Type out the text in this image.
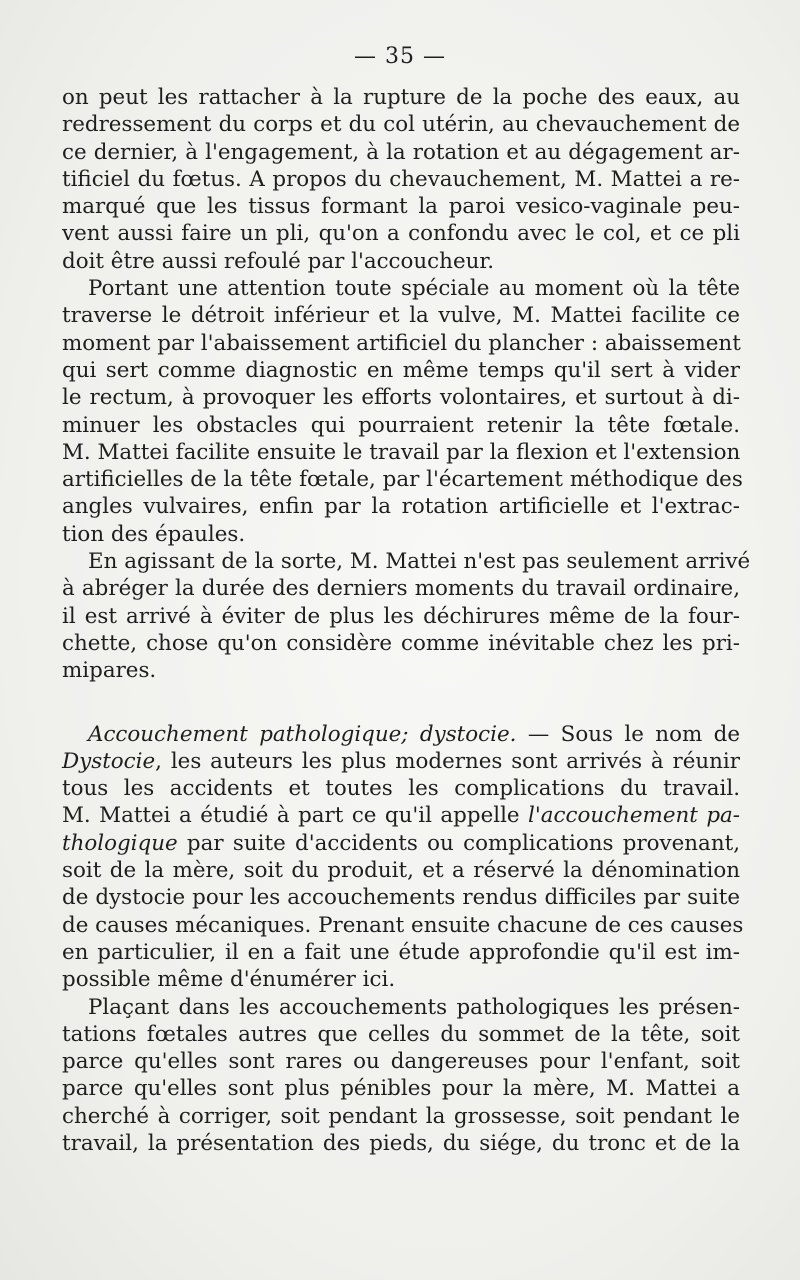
— 35 —
on peut les rattacher à la rupture de la poche des eaux, au
redressement du corps et du col utérin, au chevauchement de
ce dernier, à l'engagement, à la rotation et au dégagement ar-
tificiel du fœtus. A propos du chevauchement, M. Mattei a re-
marqué que les tissus formant la paroi vesico-vaginale peu-
vent aussi faire un pli, qu'on a confondu avec le col, et ce pli
doit être aussi refoulé par l'accoucheur.
Portant une attention toute spéciale au moment où la tête
traverse le détroit inférieur et la vulve, M. Mattei facilite ce
moment par l'abaissement artificiel du plancher : abaissement
qui sert comme diagnostic en même temps qu'il sert à vider
le rectum, à provoquer les efforts volontaires, et surtout à di-
minuer les obstacles qui pourraient retenir la tête fœtale.
M. Mattei facilite ensuite le travail par la flexion et l'extension
artificielles de la tête fœtale, par l'écartement méthodique des
angles vulvaires, enfin par la rotation artificielle et l'extrac-
tion des épaules.
En agissant de la sorte, M. Mattei n'est pas seulement arrivé
à abréger la durée des derniers moments du travail ordinaire,
il est arrivé à éviter de plus les déchirures même de la four-
chette, chose qu'on considère comme inévitable chez les pri-
mipares.
Accouchement pathologique; dystocie. — Sous le nom de
Dystocie, les auteurs les plus modernes sont arrivés à réunir
tous les accidents et toutes les complications du travail.
M. Mattei a étudié à part ce qu'il appelle l'accouchement pa-
thologique par suite d'accidents ou complications provenant,
soit de la mère, soit du produit, et a réservé la dénomination
de dystocie pour les accouchements rendus difficiles par suite
de causes mécaniques. Prenant ensuite chacune de ces causes
en particulier, il en a fait une étude approfondie qu'il est im-
possible même d'énumérer ici.
Plaçant dans les accouchements pathologiques les présen-
tations fœtales autres que celles du sommet de la tête, soit
parce qu'elles sont rares ou dangereuses pour l'enfant, soit
parce qu'elles sont plus pénibles pour la mère, M. Mattei a
cherché à corriger, soit pendant la grossesse, soit pendant le
travail, la présentation des pieds, du siége, du tronc et de la
